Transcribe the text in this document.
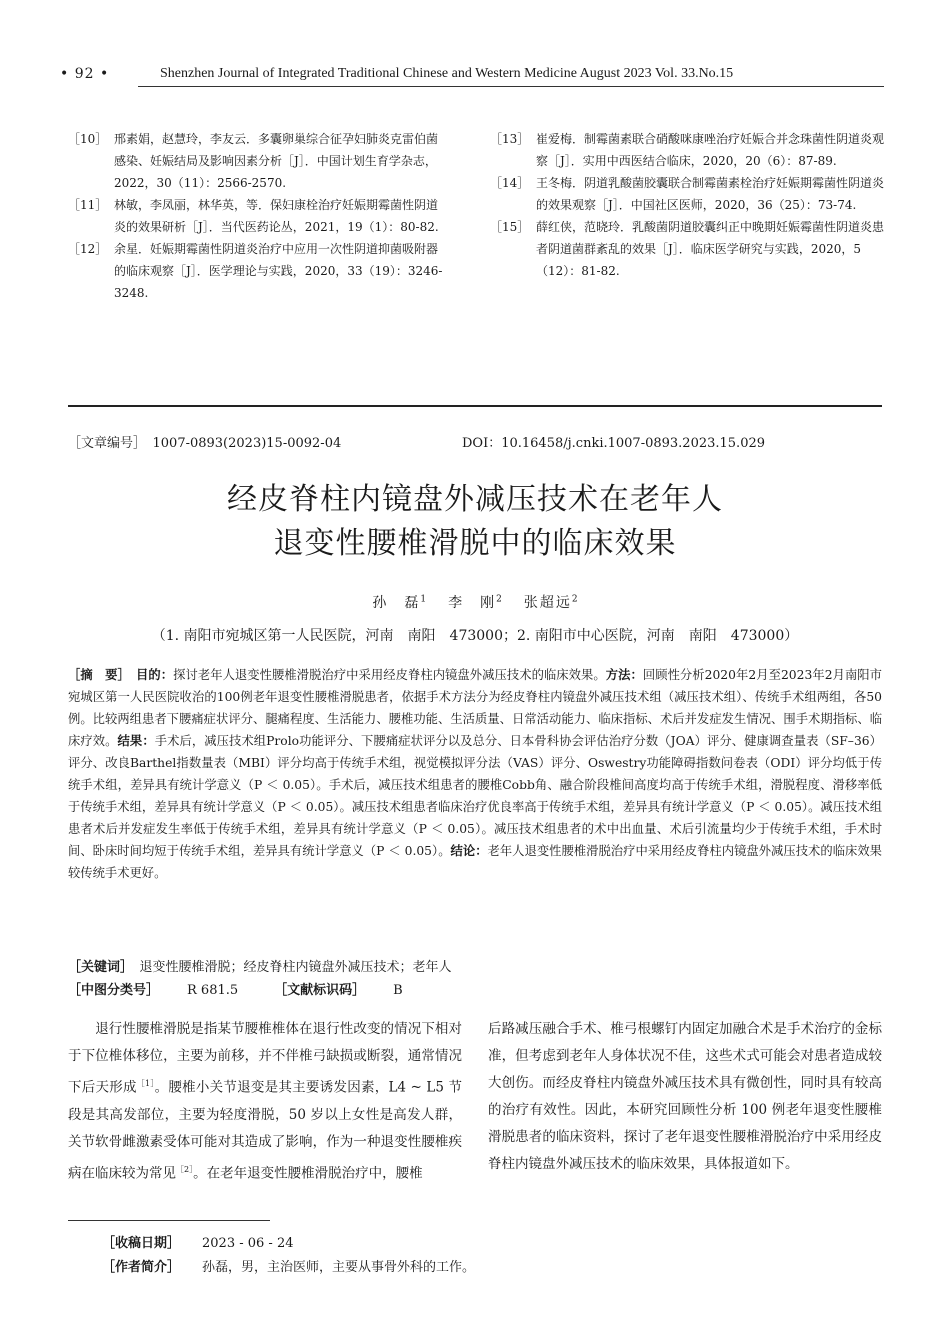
• 92 •	Shenzhen Journal of Integrated Traditional Chinese and Western Medicine August 2023 Vol. 33.No.15
［10］ 邢素娟，赵慧玲，李友云．多囊卵巢综合征孕妇肺炎克雷伯菌感染、妊娠结局及影响因素分析［J］．中国计划生育学杂志，2022，30（11）：2566-2570.
［11］ 林敏，李凤丽，林华英，等．保妇康栓治疗妊娠期霉菌性阴道炎的效果研析［J］．当代医药论丛，2021，19（1）：80-82.
［12］ 余星．妊娠期霉菌性阴道炎治疗中应用一次性阴道抑菌吸附器的临床观察［J］．医学理论与实践，2020，33（19）：3246-3248.
［13］ 崔爱梅．制霉菌素联合硝酸咪康唑治疗妊娠合并念珠菌性阴道炎观察［J］．实用中西医结合临床，2020，20（6）：87-89.
［14］ 王冬梅．阴道乳酸菌胶囊联合制霉菌素栓治疗妊娠期霉菌性阴道炎的效果观察［J］．中国社区医师，2020，36（25）：73-74.
［15］ 薛红侠，范晓玲．乳酸菌阴道胶囊纠正中晚期妊娠霉菌性阴道炎患者阴道菌群紊乱的效果［J］．临床医学研究与实践，2020，5（12）：81-82.
［文章编号］　1007-0893(2023)15-0092-04	DOI：10.16458/j.cnki.1007-0893.2023.15.029
经皮脊柱内镜盘外减压技术在老年人
退变性腰椎滑脱中的临床效果
孙　磊$^1$ 李　刚$^2$ 张超远$^2$
（1. 南阳市宛城区第一人民医院，河南　南阳　473000；2. 南阳市中心医院，河南　南阳　473000）
［摘　要］　 目的：探讨老年人退变性腰椎滑脱治疗中采用经皮脊柱内镜盘外减压技术的临床效果。方法：回顾性分析2020年2月至2023年2月南阳市宛城区第一人民医院收治的100例老年退变性腰椎滑脱患者，依据手术方法分为经皮脊柱内镜盘外减压技术组（减压技术组）、传统手术组两组，各50例。比较两组患者下腰痛症状评分、腿痛程度、生活能力、腰椎功能、生活质量、日常活动能力、临床指标、术后并发症发生情况、围手术期指标、临床疗效。结果：手术后，减压技术组Prolo功能评分、下腰痛症状评分以及总分、日本骨科协会评估治疗分数（JOA）评分、健康调查量表（SF–36）评分、改良Barthel指数量表（MBI）评分均高于传统手术组，视觉模拟评分法（VAS）评分、Oswestry功能障碍指数问卷表（ODI）评分均低于传统手术组，差异具有统计学意义（P ＜ 0.05）。手术后，减压技术组患者的腰椎Cobb角、融合阶段椎间高度均高于传统手术组，滑脱程度、滑移率低于传统手术组，差异具有统计学意义（P ＜ 0.05）。减压技术组患者临床治疗优良率高于传统手术组，差异具有统计学意义（P ＜ 0.05）。减压技术组患者术后并发症发生率低于传统手术组，差异具有统计学意义（P ＜ 0.05）。减压技术组患者的术中出血量、术后引流量均少于传统手术组，手术时间、卧床时间均短于传统手术组，差异具有统计学意义（P ＜ 0.05）。结论：老年人退变性腰椎滑脱治疗中采用经皮脊柱内镜盘外减压技术的临床效果较传统手术更好。
［关键词］　 退变性腰椎滑脱；经皮脊柱内镜盘外减压技术；老年人
［中图分类号］ R 681.5	［文献标识码］ B
　　退行性腰椎滑脱是指某节腰椎椎体在退行性改变的情况下相对于下位椎体移位，主要为前移，并不伴椎弓缺损或断裂，通常情况下后天形成$^{[1]}$。腰椎小关节退变是其主要诱发因素，L4 ~ L5 节段是其高发部位，主要为轻度滑脱，50 岁以上女性是高发人群，关节软骨雌激素受体可能对其造成了影响，作为一种退变性腰椎疾病在临床较为常见$^{[2]}$。在老年退变性腰椎滑脱治疗中，腰椎
后路减压融合手术、椎弓根螺钉内固定加融合术是手术治疗的金标准，但考虑到老年人身体状况不佳，这些术式可能会对患者造成较大创伤。而经皮脊柱内镜盘外减压技术具有微创性，同时具有较高的治疗有效性。因此，本研究回顾性分析 100 例老年退变性腰椎滑脱患者的临床资料，探讨了老年退变性腰椎滑脱治疗中采用经皮脊柱内镜盘外减压技术的临床效果，具体报道如下。
［收稿日期］ 2023 - 06 - 24
［作者简介］ 孙磊，男，主治医师，主要从事骨外科的工作。
